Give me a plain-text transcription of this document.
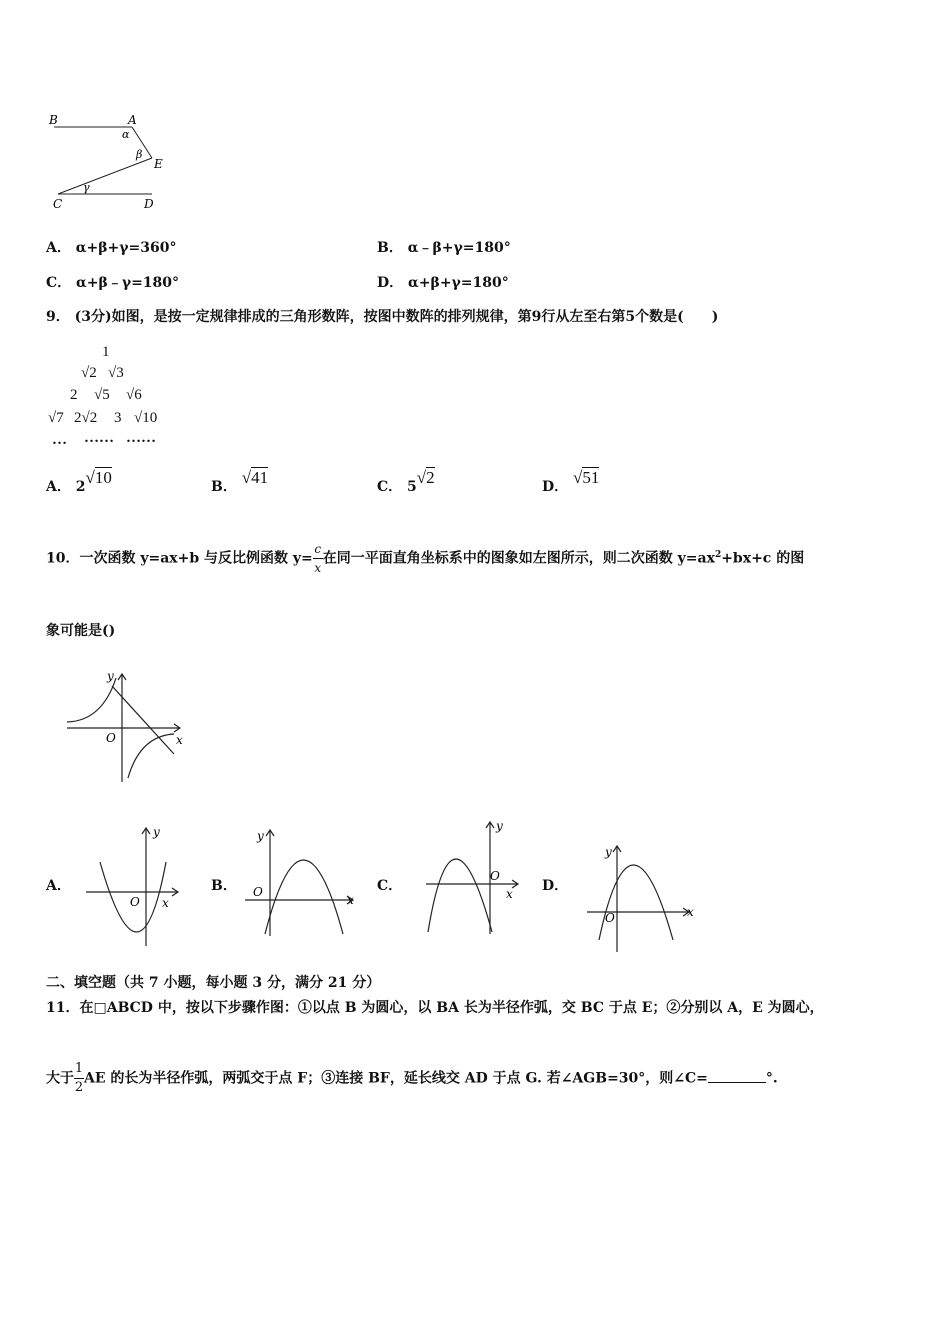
B	A
α
β
E
γ
C	D
A． α+β+γ=360°	B． α﹣β+γ=180°
C． α+β﹣γ=180°	D． α+β+γ=180°
9． (3分)如图，是按一定规律排成的三角形数阵，按图中数阵的排列规律，第9行从左至右第5个数是(　　)
1
√2 √3
2 √5 √6
√7 2√2 3 √10
… …… ……
A． 2√10	B． √41	C． 5√2	D． √51
10．一次函数 y=ax+b 与反比例函数 $y= \frac{c}{x}$ 在同一平面直角坐标系中的图象如左图所示，则二次函数 $y=ax^2+bx+c$ 的图
象可能是()
y
x
O
A．	B．	C．	D．
y
x
O
y
x
O
y
x
O
y
x
O
二、填空题（共 7 小题，每小题 3 分，满分 21 分）
11．在□ABCD 中，按以下步骤作图：①以点 B 为圆心，以 BA 长为半径作弧，交 BC 于点 E；②分别以 A，E 为圆心，
大于 $\frac{1}{2}$ AE 的长为半径作弧，两弧交于点 F；③连接 BF，延长线交 AD 于点 G. 若∠AGB=30°，则∠C=	°.
